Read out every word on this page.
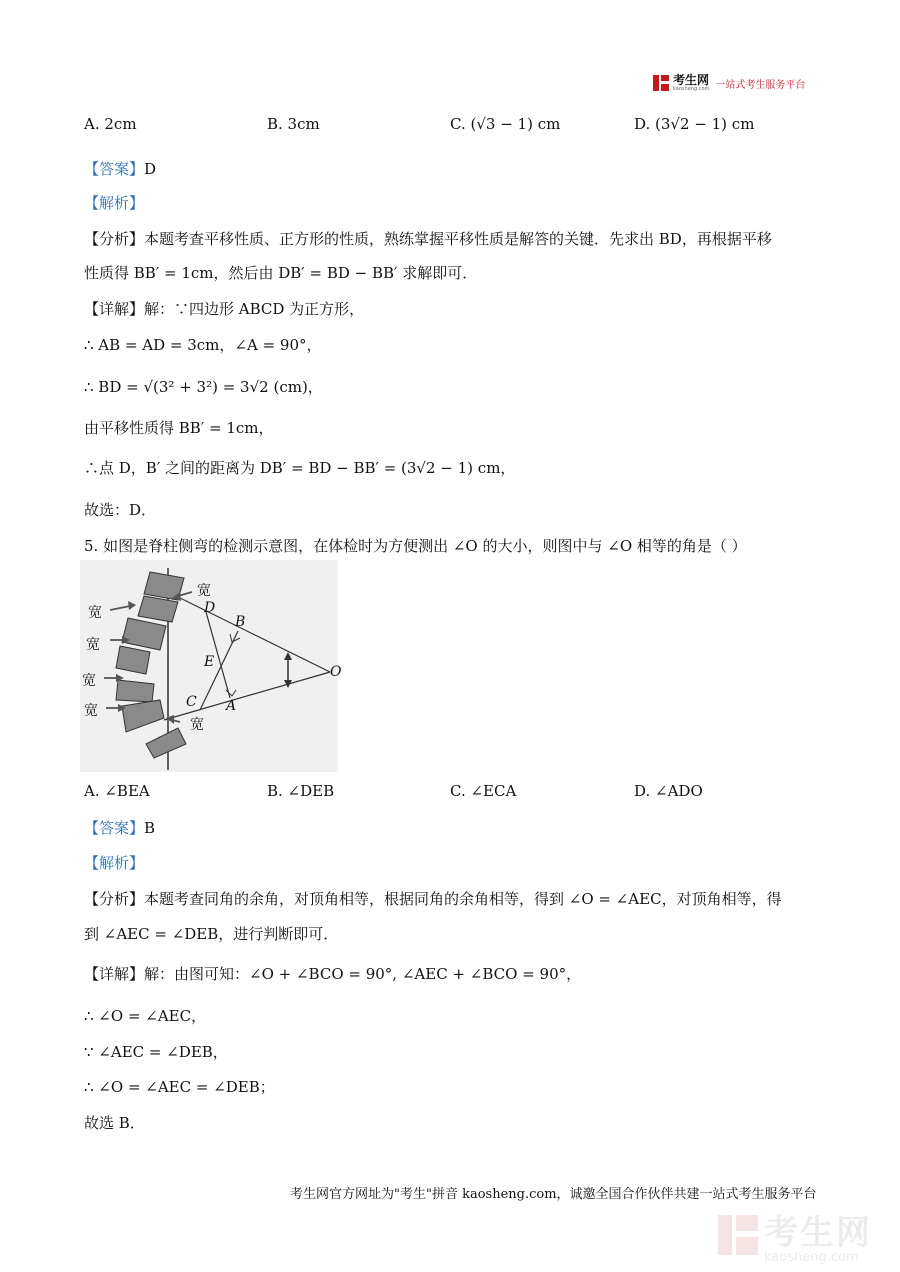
考生网
kaosheng.com 一站式考生服务平台
A. 2cm	B. 3cm	C. (√3 − 1) cm	D. (3√2 − 1) cm
【答案】D
【解析】
【分析】本题考查平移性质、正方形的性质，熟练掌握平移性质是解答的关键．先求出 BD，再根据平移
性质得 BB′ = 1cm，然后由 DB′ = BD − BB′ 求解即可．
【详解】解：∵四边形 ABCD 为正方形，
∴ AB = AD = 3cm，∠A = 90°，
∴ BD = √(3² + 3²) = 3√2 (cm)，
由平移性质得 BB′ = 1cm，
∴点 D，B′ 之间的距离为 DB′ = BD − BB′ = (3√2 − 1) cm，
故选：D．
5. 如图是脊柱侧弯的检测示意图，在体检时为方便测出 ∠O 的大小，则图中与 ∠O 相等的角是（ ）
宽
宽
宽
宽
宽
宽
D
B
E
O
C A
A. ∠BEA	B. ∠DEB	C. ∠ECA	D. ∠ADO
【答案】B
【解析】
【分析】本题考查同角的余角，对顶角相等，根据同角的余角相等，得到 ∠O = ∠AEC，对顶角相等，得
到 ∠AEC = ∠DEB，进行判断即可．
【详解】解：由图可知：∠O + ∠BCO = 90°, ∠AEC + ∠BCO = 90°，
∴ ∠O = ∠AEC，
∵ ∠AEC = ∠DEB，
∴ ∠O = ∠AEC = ∠DEB；
故选 B．
考生网官方网址为"考生"拼音 kaosheng.com，诚邀全国合作伙伴共建一站式考生服务平台
考生网
kaosheng.com
